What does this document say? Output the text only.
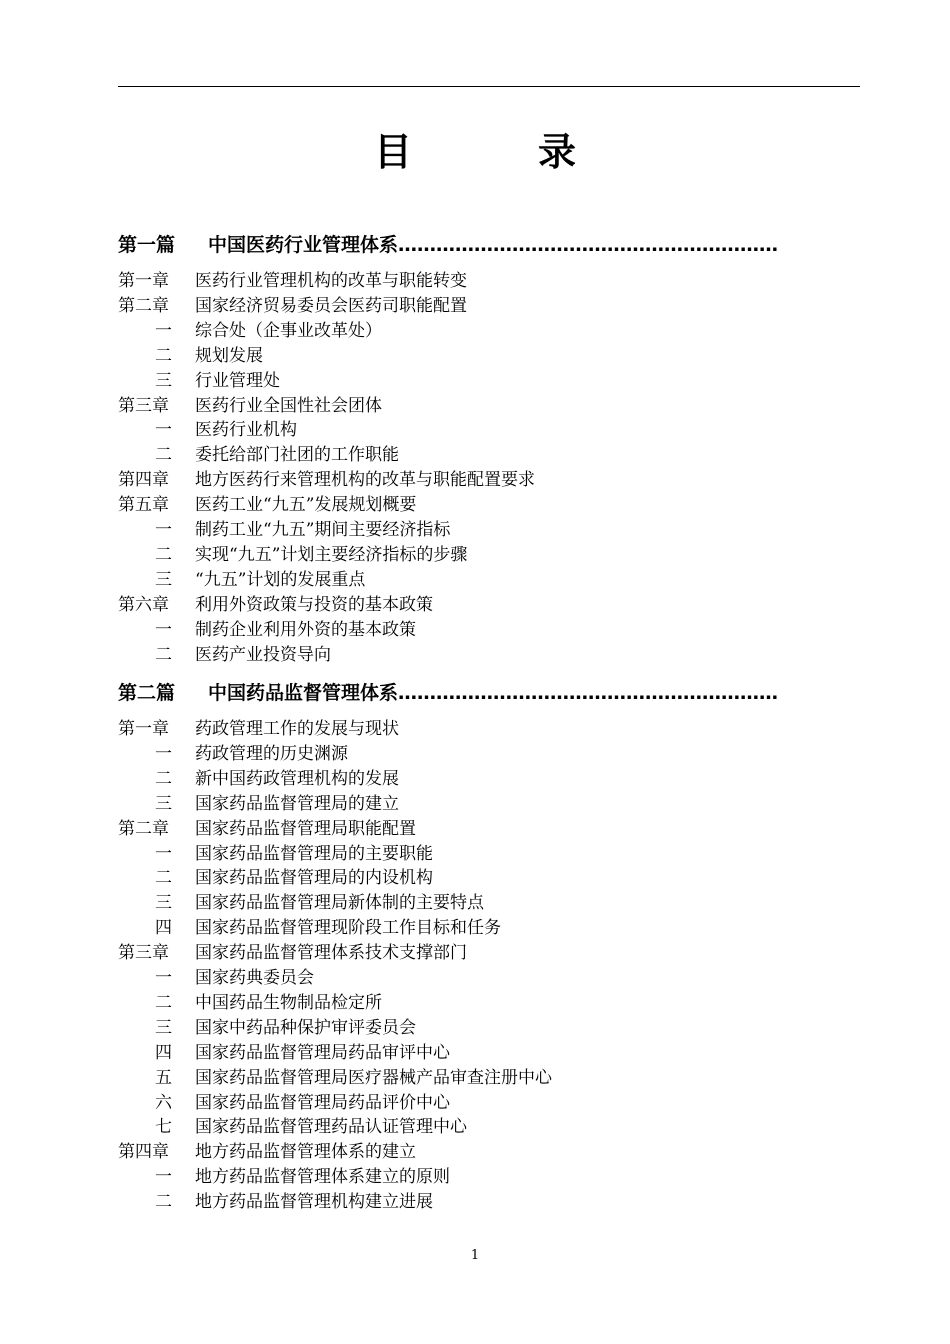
目　录
第一篇 中国医药行业管理体系……………………………………………………
第一章 医药行业管理机构的改革与职能转变
第二章 国家经济贸易委员会医药司职能配置
一 综合处（企事业改革处）
二 规划发展
三 行业管理处
第三章 医药行业全国性社会团体
一 医药行业机构
二 委托给部门社团的工作职能
第四章 地方医药行来管理机构的改革与职能配置要求
第五章 医药工业“九五”发展规划概要
一 制药工业“九五”期间主要经济指标
二 实现“九五”计划主要经济指标的步骤
三 “九五”计划的发展重点
第六章 利用外资政策与投资的基本政策
一 制药企业利用外资的基本政策
二 医药产业投资导向
第二篇 中国药品监督管理体系……………………………………………………
第一章 药政管理工作的发展与现状
一 药政管理的历史渊源
二 新中国药政管理机构的发展
三 国家药品监督管理局的建立
第二章 国家药品监督管理局职能配置
一 国家药品监督管理局的主要职能
二 国家药品监督管理局的内设机构
三 国家药品监督管理局新体制的主要特点
四 国家药品监督管理现阶段工作目标和任务
第三章 国家药品监督管理体系技术支撑部门
一 国家药典委员会
二 中国药品生物制品检定所
三 国家中药品种保护审评委员会
四 国家药品监督管理局药品审评中心
五 国家药品监督管理局医疗器械产品审查注册中心
六 国家药品监督管理局药品评价中心
七 国家药品监督管理药品认证管理中心
第四章 地方药品监督管理体系的建立
一 地方药品监督管理体系建立的原则
二 地方药品监督管理机构建立进展
1
